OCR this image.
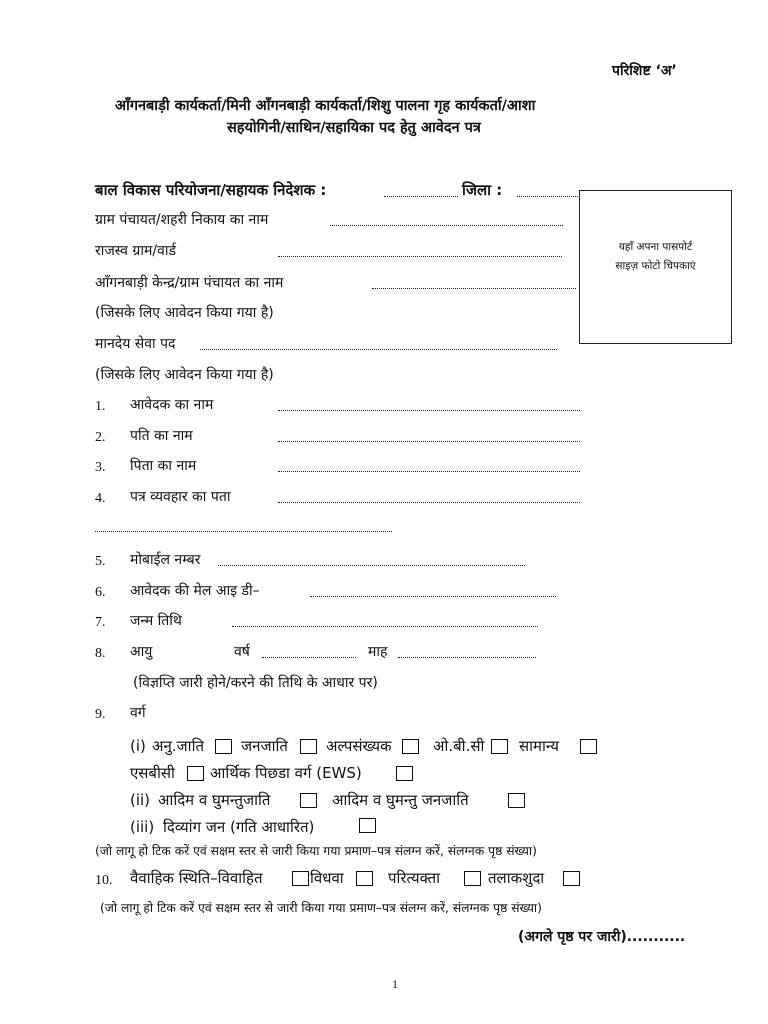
परिशिष्ट ‘अ’
आँगनबाड़ी कार्यकर्ता/मिनी आँगनबाड़ी कार्यकर्ता/शिशु पालना गृह कार्यकर्ता/आशा
सहयोगिनी/साथिन/सहायिका पद हेतु आवेदन पत्र
बाल विकास परियोजना/सहायक निदेशक :	जिला :
यहाँ अपना पासपोर्ट
साइज़ फोटो चिपकाएं
ग्राम पंचायत/शहरी निकाय का नाम
राजस्व ग्राम/वार्ड
आँगनबाड़ी केन्द्र/ग्राम पंचायत का नाम
(जिसके लिए आवेदन किया गया है)
मानदेय सेवा पद
(जिसके लिए आवेदन किया गया है)
1. आवेदक का नाम
2. पति का नाम
3. पिता का नाम
4. पत्र व्यवहार का पता
5. मोबाईल नम्बर
6. आवेदक की मेल आइ डी–
7. जन्म तिथि
8. आयु	वर्ष	माह
(विज्ञप्ति जारी होने/करने की तिथि के आधार पर)
9. वर्ग
(i) अनु.जाति जनजाति	अल्पसंख्यक	ओ.बी.सी सामान्य
एसबीसी आर्थिक पिछडा वर्ग (EWS)
(ii) आदिम व घुमन्तुजाति	आदिम व घुमन्तु जनजाति
(iii) दिव्यांग जन (गति आधारित)
(जो लागू हो टिक करें एवं सक्षम स्तर से जारी किया गया प्रमाण–पत्र संलग्न करें, संलग्नक पृष्ठ संख्या)
10. वैवाहिक स्थिति–विवाहित	विधवा	परित्यक्ता	तलाकशुदा
(जो लागू हो टिक करें एवं सक्षम स्तर से जारी किया गया प्रमाण–पत्र संलग्न करें, संलग्नक पृष्ठ संख्या)
(अगले पृष्ठ पर जारी)...........
1
